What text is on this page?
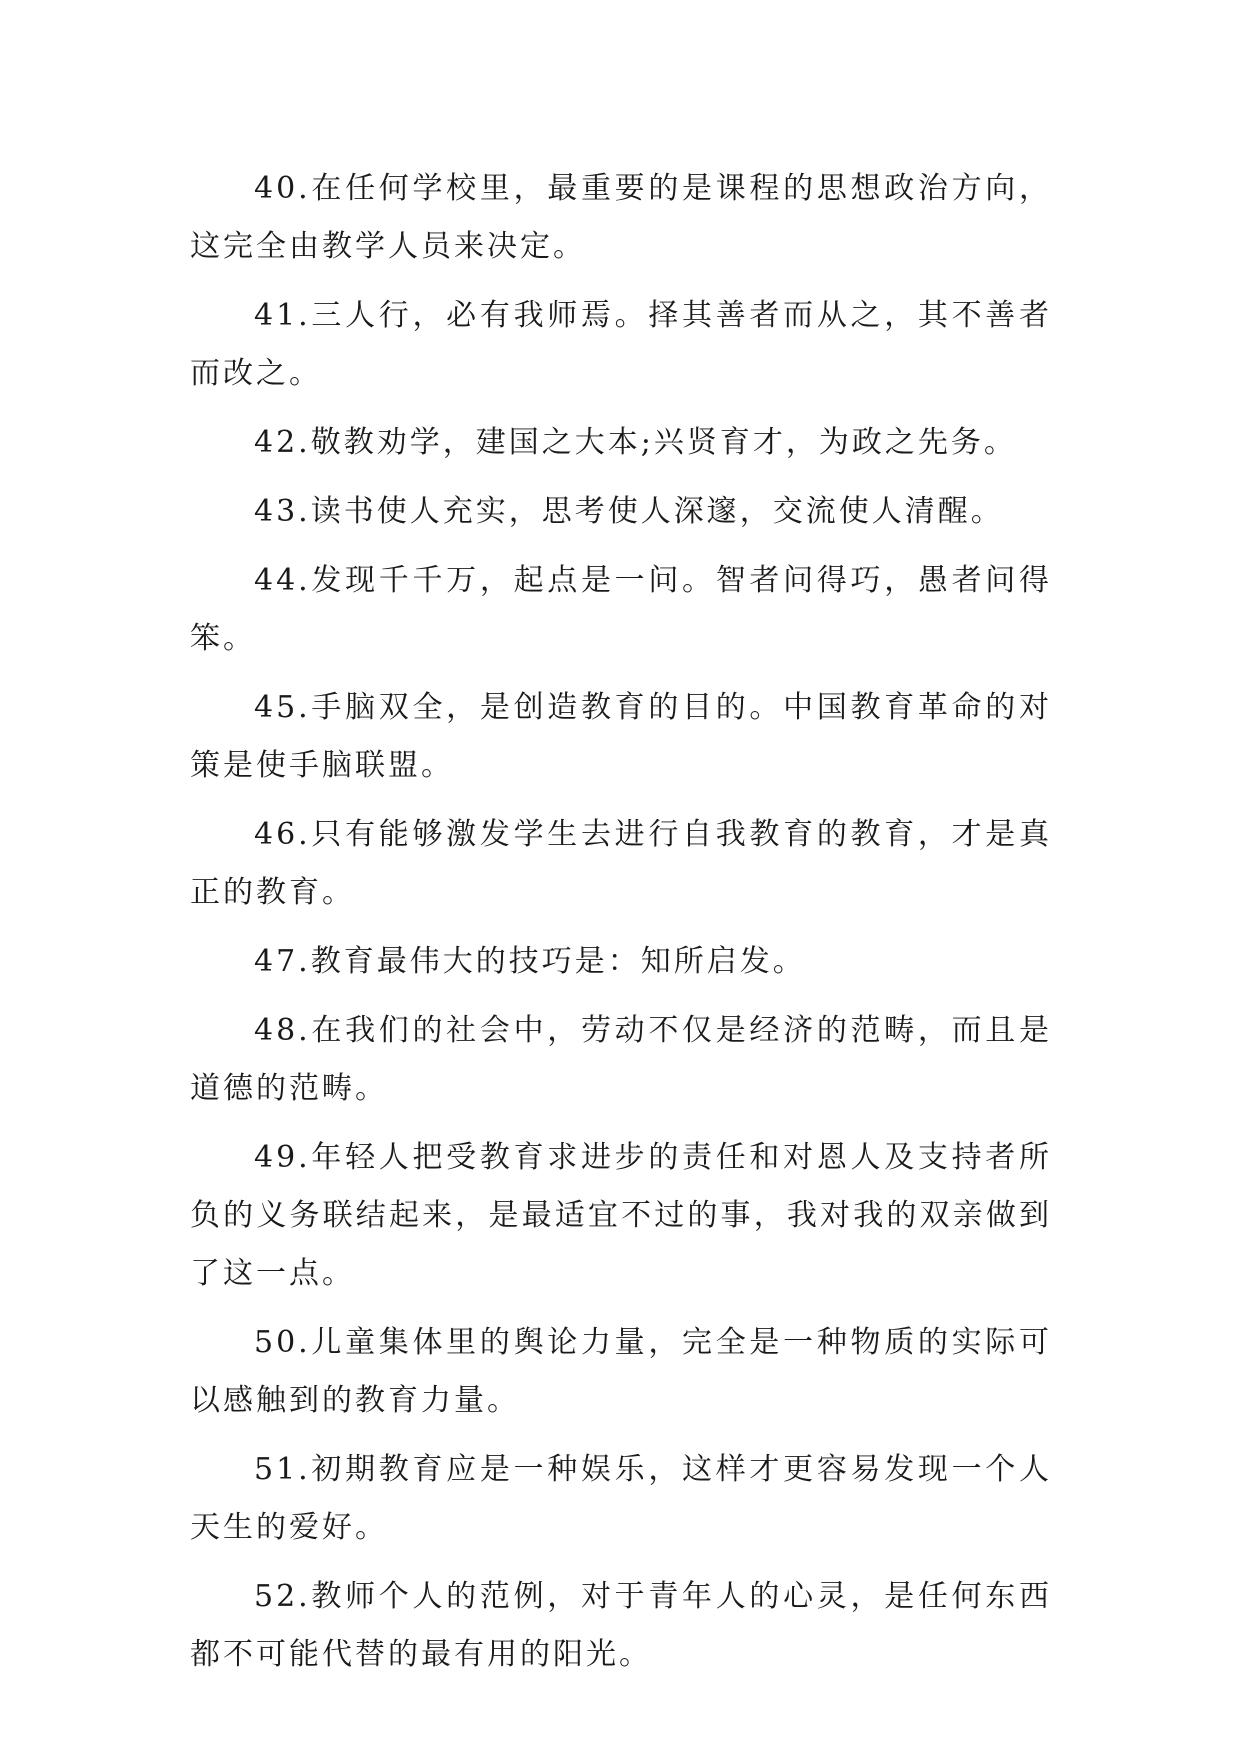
40.在任何学校里，最重要的是课程的思想政治方向，这完全由教学人员来决定。

41.三人行，必有我师焉。择其善者而从之，其不善者而改之。

42.敬教劝学，建国之大本;兴贤育才，为政之先务。

43.读书使人充实，思考使人深邃，交流使人清醒。

44.发现千千万，起点是一问。智者问得巧，愚者问得笨。

45.手脑双全，是创造教育的目的。中国教育革命的对策是使手脑联盟。

46.只有能够激发学生去进行自我教育的教育，才是真正的教育。

47.教育最伟大的技巧是：知所启发。

48.在我们的社会中，劳动不仅是经济的范畴，而且是道德的范畴。

49.年轻人把受教育求进步的责任和对恩人及支持者所负的义务联结起来，是最适宜不过的事，我对我的双亲做到了这一点。

50.儿童集体里的舆论力量，完全是一种物质的实际可以感触到的教育力量。

51.初期教育应是一种娱乐，这样才更容易发现一个人天生的爱好。

52.教师个人的范例，对于青年人的心灵，是任何东西都不可能代替的最有用的阳光。
